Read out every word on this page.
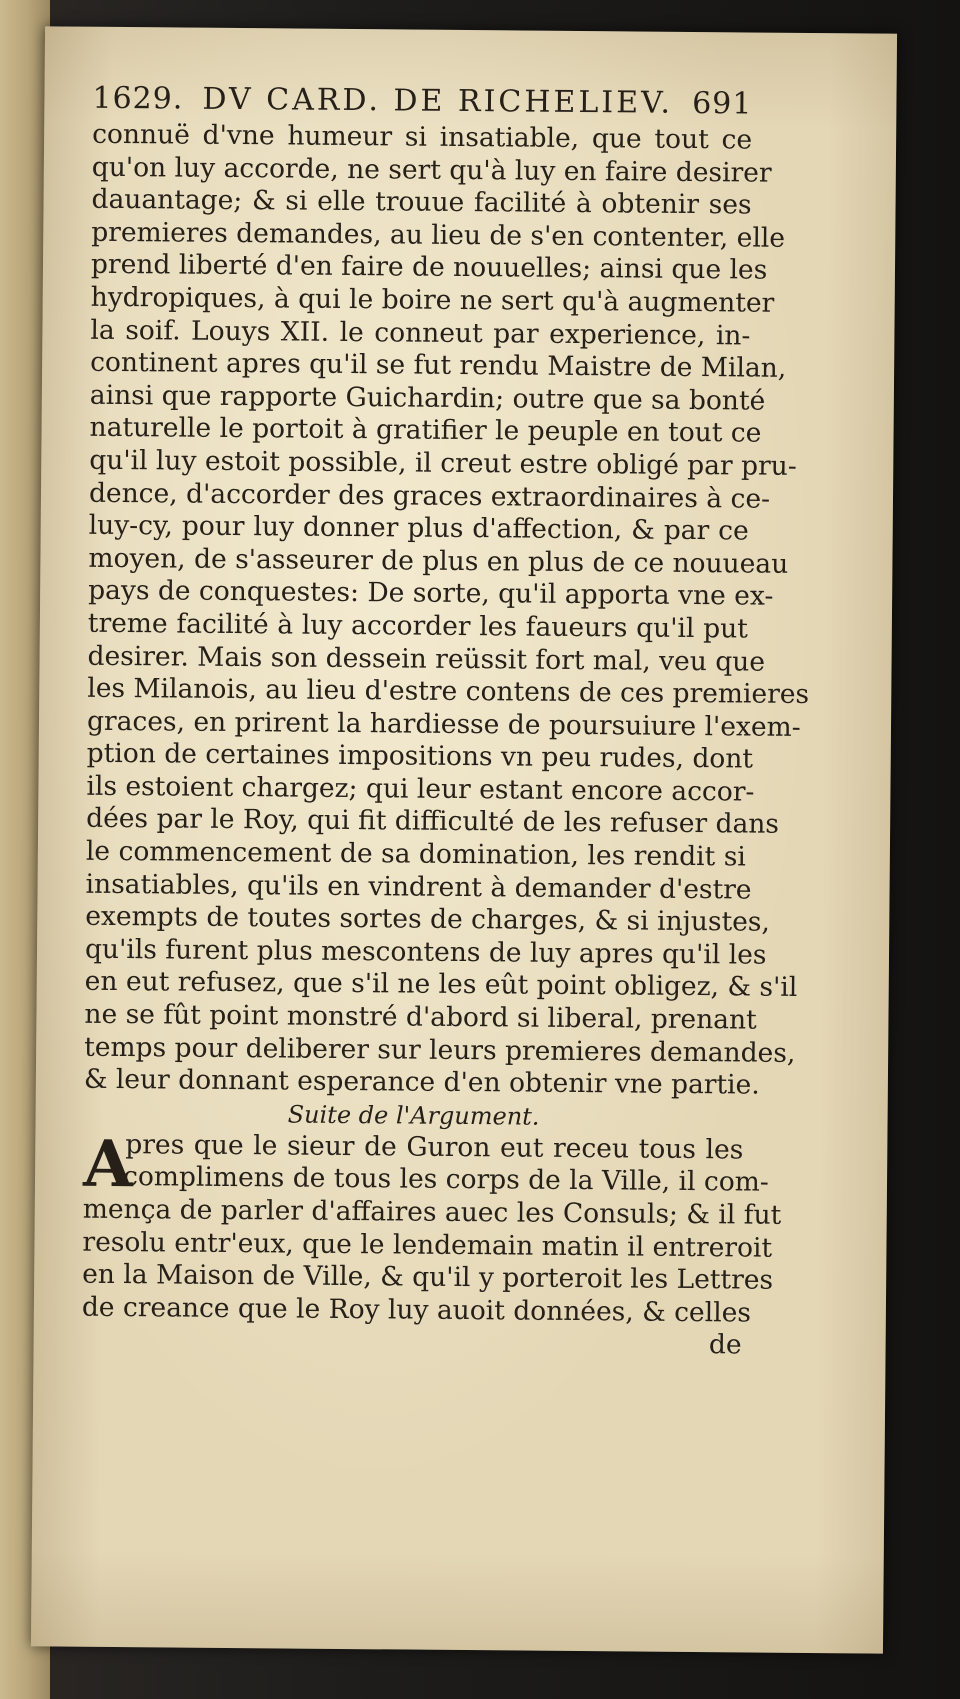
1629. DV CARD. DE RICHELIEV. 691
connuë d'vne humeur si insatiable, que tout ce
qu'on luy accorde, ne sert qu'à luy en faire desirer
dauantage; & si elle trouue facilité à obtenir ses
premieres demandes, au lieu de s'en contenter, elle
prend liberté d'en faire de nouuelles; ainsi que les
hydropiques, à qui le boire ne sert qu'à augmenter
la soif. Louys XII. le conneut par experience, in-
continent apres qu'il se fut rendu Maistre de Milan,
ainsi que rapporte Guichardin; outre que sa bonté
naturelle le portoit à gratifier le peuple en tout ce
qu'il luy estoit possible, il creut estre obligé par pru-
dence, d'accorder des graces extraordinaires à ce-
luy-cy, pour luy donner plus d'affection, & par ce
moyen, de s'asseurer de plus en plus de ce nouueau
pays de conquestes: De sorte, qu'il apporta vne ex-
treme facilité à luy accorder les faueurs qu'il put
desirer. Mais son dessein reüssit fort mal, veu que
les Milanois, au lieu d'estre contens de ces premieres
graces, en prirent la hardiesse de poursuiure l'exem-
ption de certaines impositions vn peu rudes, dont
ils estoient chargez; qui leur estant encore accor-
dées par le Roy, qui fit difficulté de les refuser dans
le commencement de sa domination, les rendit si
insatiables, qu'ils en vindrent à demander d'estre
exempts de toutes sortes de charges, & si injustes,
qu'ils furent plus mescontens de luy apres qu'il les
en eut refusez, que s'il ne les eût point obligez, & s'il
ne se fût point monstré d'abord si liberal, prenant
temps pour deliberer sur leurs premieres demandes,
& leur donnant esperance d'en obtenir vne partie.
Suite de l'Argument.
A
pres que le sieur de Guron eut receu tous les
complimens de tous les corps de la Ville, il com-
mença de parler d'affaires auec les Consuls; & il fut
resolu entr'eux, que le lendemain matin il entreroit
en la Maison de Ville, & qu'il y porteroit les Lettres
de creance que le Roy luy auoit données, & celles
de
